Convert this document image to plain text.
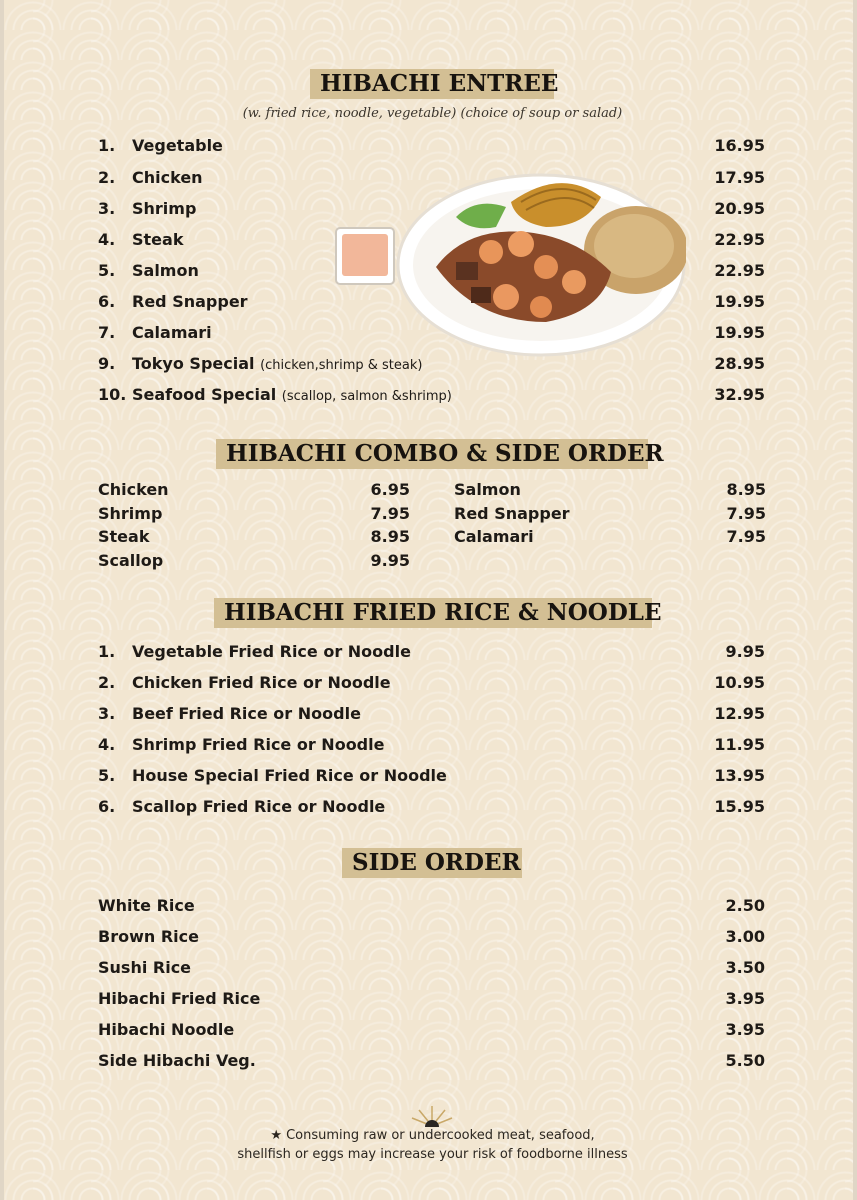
HIBACHI ENTREE
(w. fried rice, noodle, vegetable) (choice of soup or salad)
1. Vegetable	16.95
2. Chicken	17.95
3. Shrimp	20.95
4. Steak	22.95
5. Salmon	22.95
6. Red Snapper	19.95
7. Calamari	19.95
9. Tokyo Special (chicken,shrimp & steak)	28.95
10. Seafood Special (scallop, salmon &shrimp)	32.95
HIBACHI COMBO & SIDE ORDER
Chicken	6.95
Shrimp	7.95
Steak	8.95
Scallop	9.95
Salmon	8.95
Red Snapper	7.95
Calamari	7.95
HIBACHI FRIED RICE & NOODLE
1. Vegetable Fried Rice or Noodle	9.95
2. Chicken Fried Rice or Noodle	10.95
3. Beef Fried Rice or Noodle	12.95
4. Shrimp Fried Rice or Noodle	11.95
5. House Special Fried Rice or Noodle	13.95
6. Scallop Fried Rice or Noodle	15.95
SIDE ORDER
White Rice	2.50
Brown Rice	3.00
Sushi Rice	3.50
Hibachi Fried Rice	3.95
Hibachi Noodle	3.95
Side Hibachi Veg.	5.50
★ Consuming raw or undercooked meat, seafood,
shellfish or eggs may increase your risk of foodborne illness
